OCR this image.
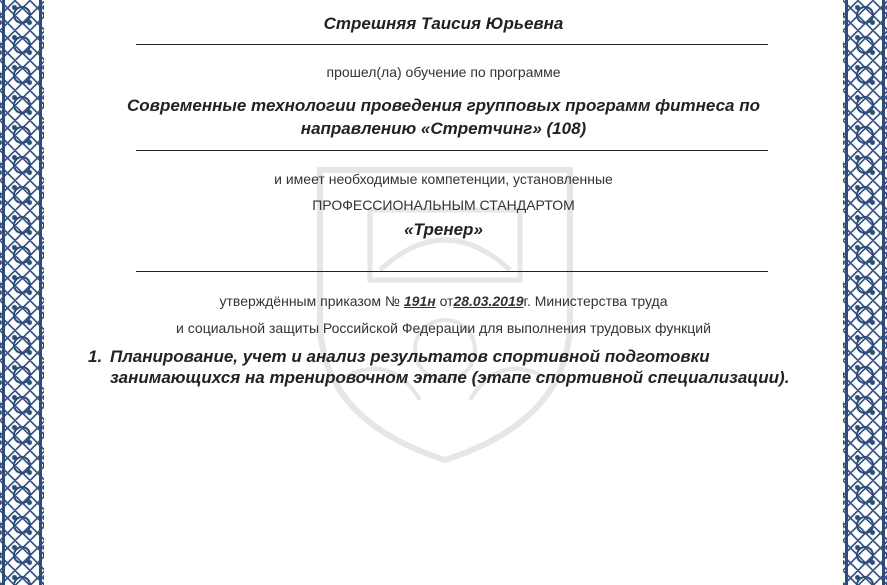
Стрешняя Таисия Юрьевна
прошел(ла) обучение по программе
Современные технологии проведения групповых программ фитнеса по
направлению «Стретчинг» (108)
и имеет необходимые компетенции, установленные
ПРОФЕССИОНАЛЬНЫМ СТАНДАРТОМ
«Тренер»
утверждённым приказом № 191н от28.03.2019г. Министерства труда
и социальной защиты Российской Федерации для выполнения трудовых функций
1. Планирование, учет и анализ результатов спортивной подготовки занимающихся на тренировочном этапе (этапе спортивной специализации).
